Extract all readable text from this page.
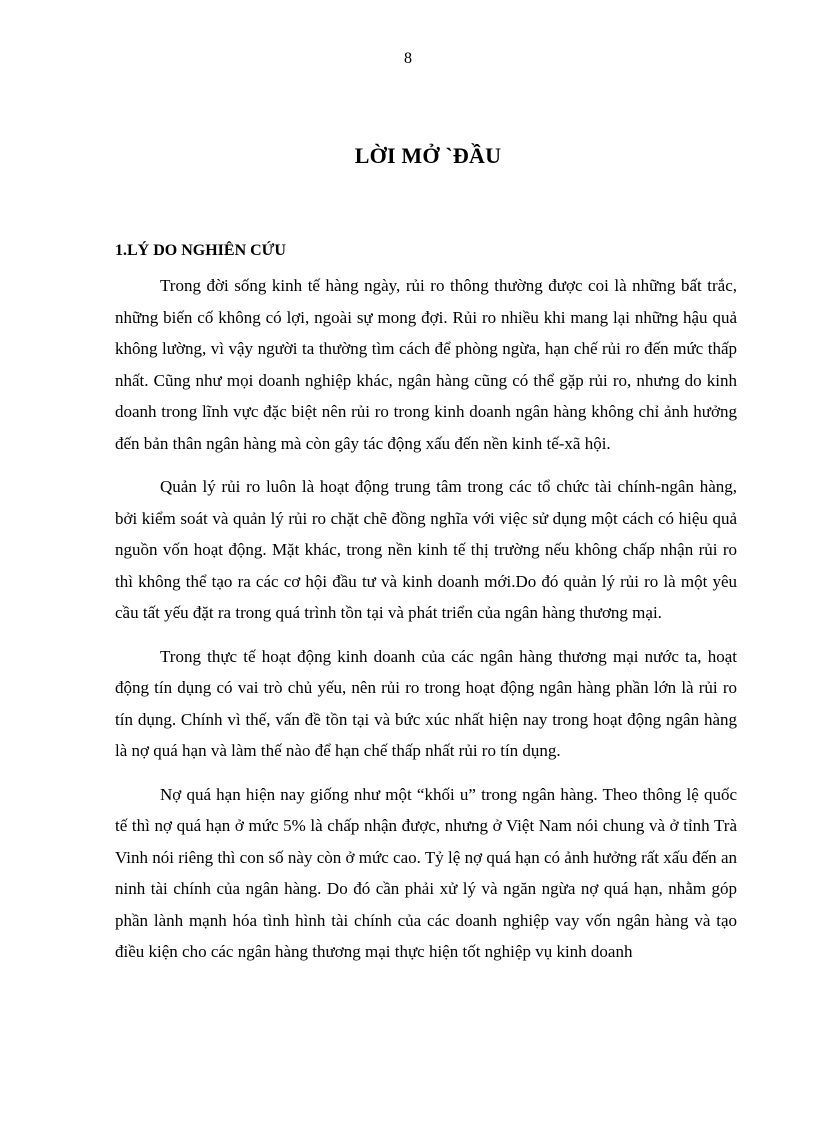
8
LỜI MỞ `ĐẦU
1.LÝ DO NGHIÊN CỨU

Trong đời sống kinh tế hàng ngày, rủi ro thông thường được coi là những bất trắc, những biến cố không có lợi, ngoài sự mong đợi. Rủi ro nhiều khi mang lại những hậu quả không lường, vì vậy người ta thường tìm cách để phòng ngừa, hạn chế rủi ro đến mức thấp nhất. Cũng như mọi doanh nghiệp khác, ngân hàng cũng có thể gặp rủi ro, nhưng do kinh doanh trong lĩnh vực đặc biệt nên rủi ro trong kinh doanh ngân hàng không chỉ ảnh hưởng đến bản thân ngân hàng mà còn gây tác động xấu đến nền kinh tế-xã hội.

Quản lý rủi ro luôn là hoạt động trung tâm trong các tổ chức tài chính-ngân hàng, bởi kiểm soát và quản lý rủi ro chặt chẽ đồng nghĩa với việc sử dụng một cách có hiệu quả nguồn vốn hoạt động. Mặt khác, trong nền kinh tế thị trường nếu không chấp nhận rủi ro thì không thể tạo ra các cơ hội đầu tư và kinh doanh mới.Do đó quản lý rủi ro là một yêu cầu tất yếu đặt ra trong quá trình tồn tại và phát triển của ngân hàng thương mại.

Trong thực tế hoạt động kinh doanh của các ngân hàng thương mại nước ta, hoạt động tín dụng có vai trò chủ yếu, nên rủi ro trong hoạt động ngân hàng phần lớn là rủi ro tín dụng. Chính vì thế, vấn đề tồn tại và bức xúc nhất hiện nay trong hoạt động ngân hàng là nợ quá hạn và làm thế nào để hạn chế thấp nhất rủi ro tín dụng.

Nợ quá hạn hiện nay giống như một “khối u” trong ngân hàng. Theo thông lệ quốc tế thì nợ quá hạn ở mức 5% là chấp nhận được, nhưng ở Việt Nam nói chung và ở tỉnh Trà Vinh nói riêng thì con số này còn ở mức cao. Tỷ lệ nợ quá hạn có ảnh hưởng rất xấu đến an ninh tài chính của ngân hàng. Do đó cần phải xử lý và ngăn ngừa nợ quá hạn, nhằm góp phần lành mạnh hóa tình hình tài chính của các doanh nghiệp vay vốn ngân hàng và tạo điều kiện cho các ngân hàng thương mại thực hiện tốt nghiệp vụ kinh doanh
